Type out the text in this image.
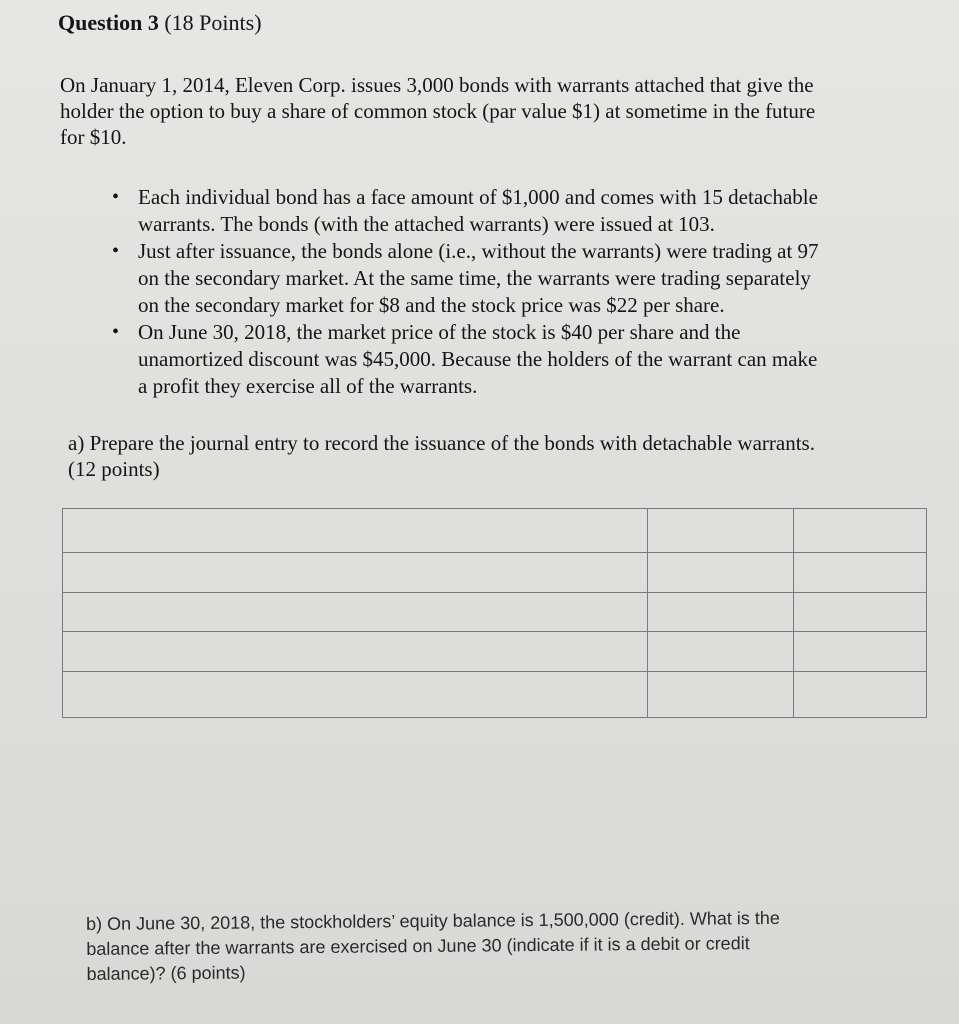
Question 3 (18 Points)
On January 1, 2014, Eleven Corp. issues 3,000 bonds with warrants attached that give the
holder the option to buy a share of common stock (par value $1) at sometime in the future
for $10.
• Each individual bond has a face amount of $1,000 and comes with 15 detachable
warrants. The bonds (with the attached warrants) were issued at 103.
• Just after issuance, the bonds alone (i.e., without the warrants) were trading at 97
on the secondary market. At the same time, the warrants were trading separately
on the secondary market for $8 and the stock price was $22 per share.
• On June 30, 2018, the market price of the stock is $40 per share and the
unamortized discount was $45,000. Because the holders of the warrant can make
a profit they exercise all of the warrants.
a) Prepare the journal entry to record the issuance of the bonds with detachable warrants.
(12 points)

b) On June 30, 2018, the stockholders’ equity balance is 1,500,000 (credit). What is the
balance after the warrants are exercised on June 30 (indicate if it is a debit or credit
balance)? (6 points)
